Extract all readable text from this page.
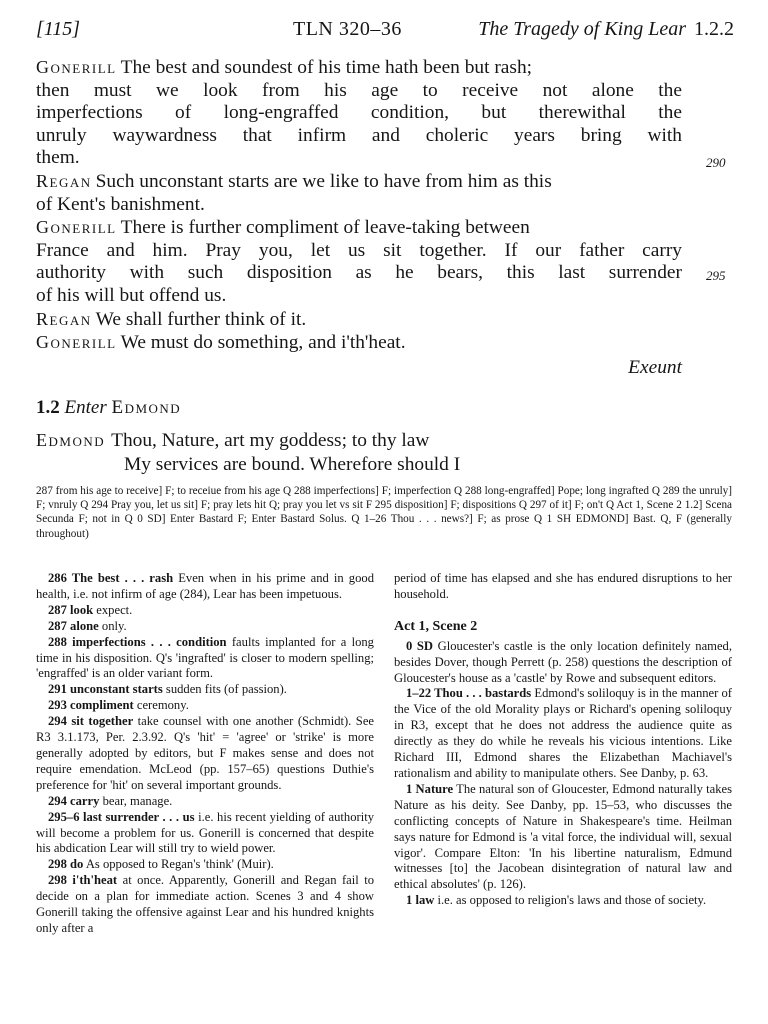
[115]	TLN 320–36	The Tragedy of King Lear 1.2.2
Gonerill The best and soundest of his time hath been but rash;
then must we look from his age to receive not alone the
imperfections of long-engraffed condition, but therewithal the
unruly waywardness that infirm and choleric years bring with
them.	290
Regan Such unconstant starts are we like to have from him as this
of Kent's banishment.
Gonerill There is further compliment of leave-taking between
France and him. Pray you, let us sit together. If our father carry
authority with such disposition as he bears, this last surrender
of his will but offend us.
295
Regan We shall further think of it.
Gonerill We must do something, and i'th'heat.
Exeunt
1.2 Enter Edmond
Edmond Thou, Nature, art my goddess; to thy law
My services are bound. Wherefore should I
287 from his age to receive] F; to receiue from his age Q 288 imperfections] F; imperfection Q 288 long-engraffed] Pope; long ingrafted Q 289 the unruly] F; vnruly Q 294 Pray you, let us sit] F; pray lets hit Q; pray you let vs sit F 295 disposition] F; dispositions Q 297 of it] F; on't Q Act 1, Scene 2 1.2] Scena Secunda F; not in Q 0 SD] Enter Bastard F; Enter Bastard Solus. Q 1–26 Thou . . . news?] F; as prose Q 1 SH EDMOND] Bast. Q, F (generally throughout)

286 The best . . . rash Even when in his prime and in good health, i.e. not infirm of age (284), Lear has been impetuous.

287 look expect.

287 alone only.

288 imperfections . . . condition faults implanted for a long time in his disposition. Q's 'ingrafted' is closer to modern spelling; 'engraffed' is an older variant form.

291 unconstant starts sudden fits (of passion).

293 compliment ceremony.

294 sit together take counsel with one another (Schmidt). See R3 3.1.173, Per. 2.3.92. Q's 'hit' = 'agree' or 'strike' is more generally adopted by editors, but F makes sense and does not require emendation. McLeod (pp. 157–65) questions Duthie's preference for 'hit' on several important grounds.

294 carry bear, manage.

295–6 last surrender . . . us i.e. his recent yielding of authority will become a problem for us. Gonerill is concerned that despite his abdication Lear will still try to wield power.

298 do As opposed to Regan's 'think' (Muir).

298 i'th'heat at once. Apparently, Gonerill and Regan fail to decide on a plan for immediate action. Scenes 3 and 4 show Gonerill taking the offensive against Lear and his hundred knights only after a

period of time has elapsed and she has endured disruptions to her household.

Act 1, Scene 2

0 SD Gloucester's castle is the only location definitely named, besides Dover, though Perrett (p. 258) questions the description of Gloucester's house as a 'castle' by Rowe and subsequent editors.

1–22 Thou . . . bastards Edmond's soliloquy is in the manner of the Vice of the old Morality plays or Richard's opening soliloquy in R3, except that he does not address the audience quite as directly as they do while he reveals his vicious intentions. Like Richard III, Edmond shares the Elizabethan Machiavel's rationalism and ability to manipulate others. See Danby, p. 63.

1 Nature The natural son of Gloucester, Edmond naturally takes Nature as his deity. See Danby, pp. 15–53, who discusses the conflicting concepts of Nature in Shakespeare's time. Heilman says nature for Edmond is 'a vital force, the individual will, sexual vigor'. Compare Elton: 'In his libertine naturalism, Edmund witnesses [to] the Jacobean disintegration of natural law and ethical absolutes' (p. 126).

1 law i.e. as opposed to religion's laws and those of society.
